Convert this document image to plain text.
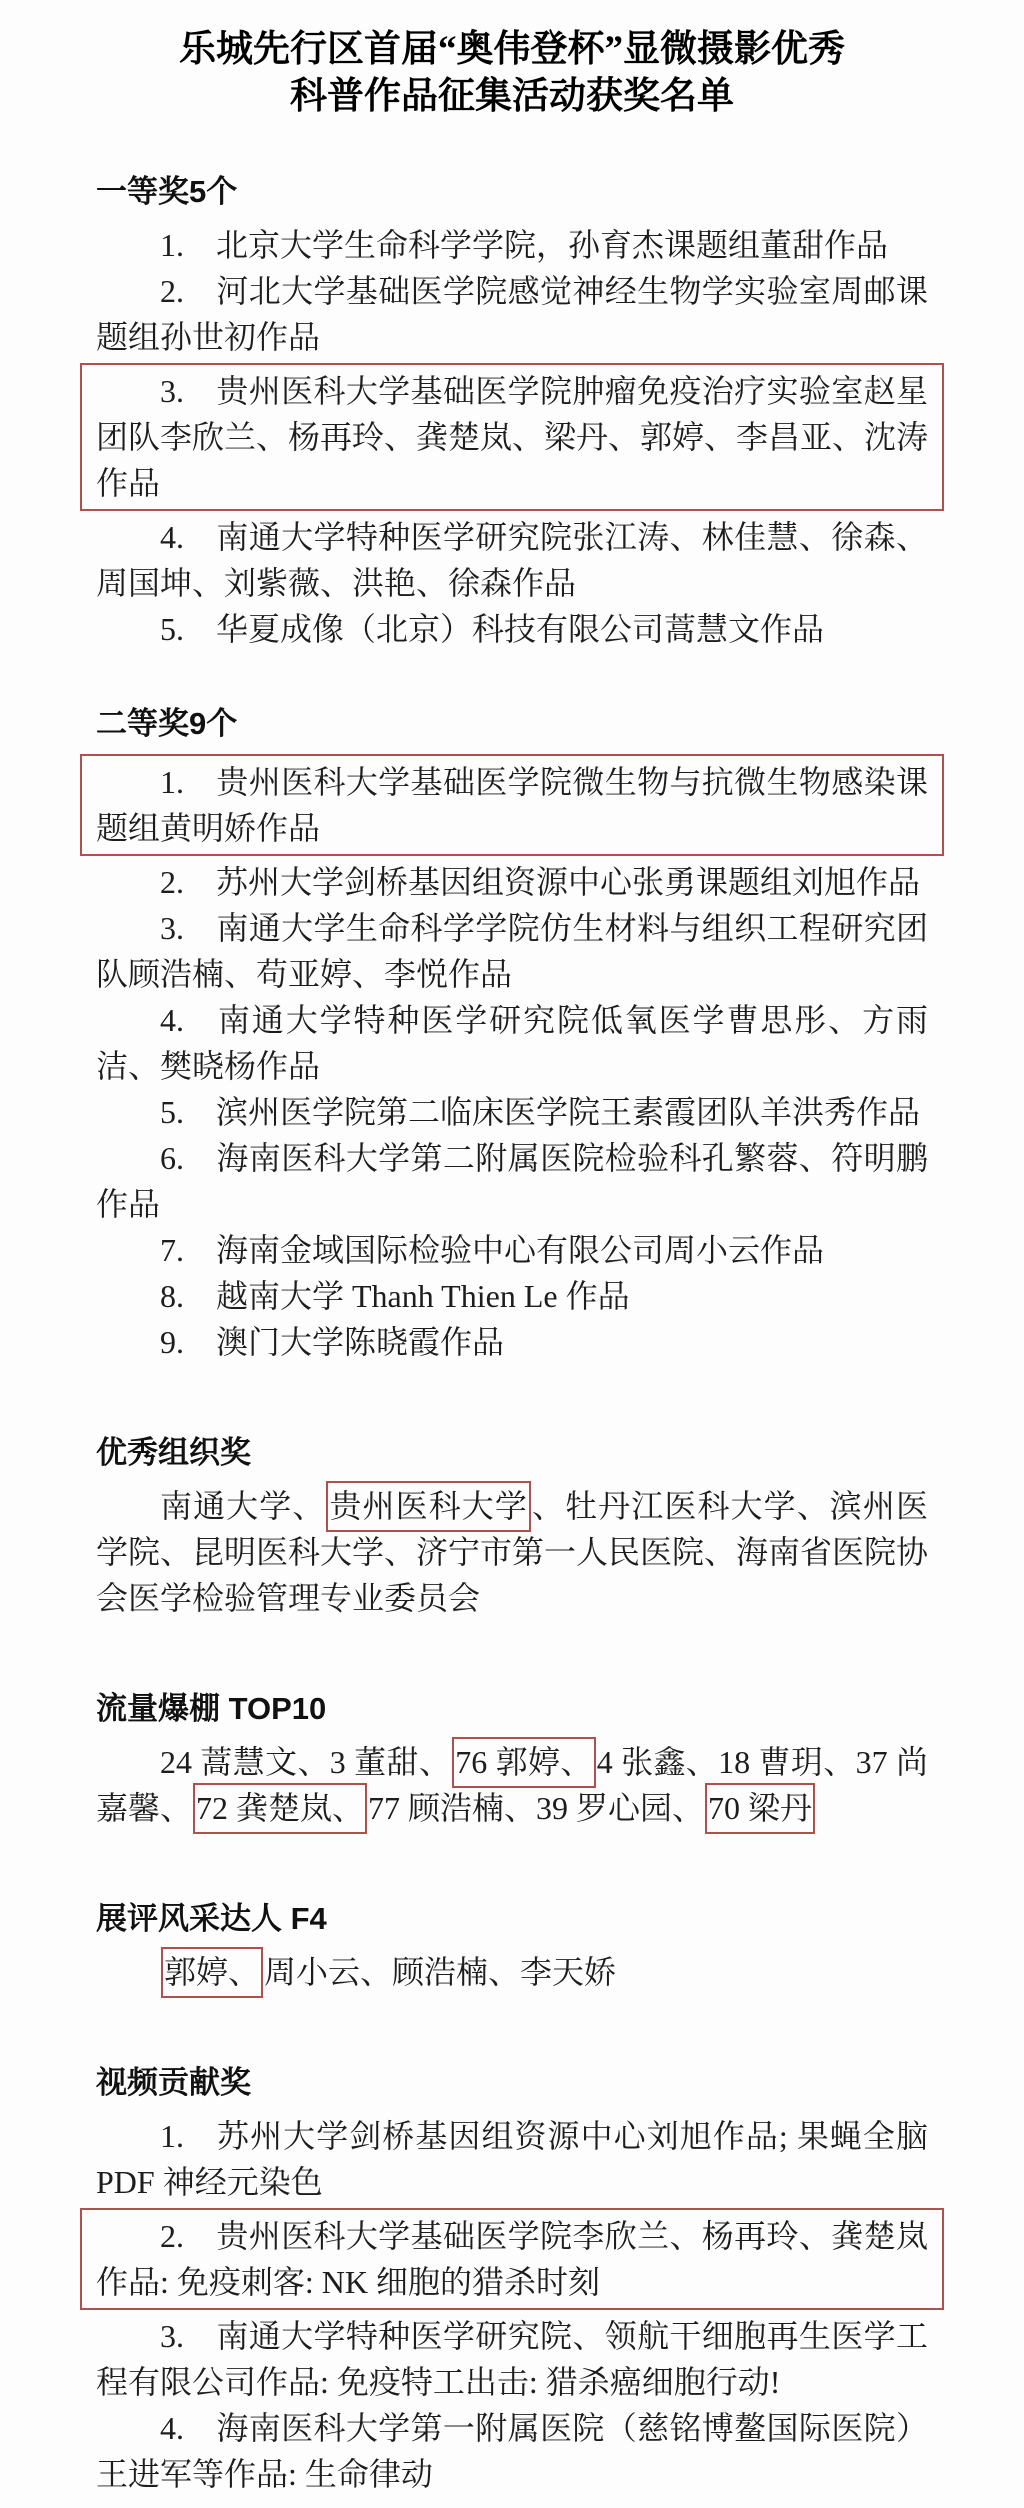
乐城先行区首届“奥伟登杯”显微摄影优秀
科普作品征集活动获奖名单
一等奖5个

1. 北京大学生命科学学院，孙育杰课题组董甜作品

2. 河北大学基础医学院感觉神经生物学实验室周邮课题组孙世初作品

3. 贵州医科大学基础医学院肿瘤免疫治疗实验室赵星团队李欣兰、杨再玲、龚楚岚、梁丹、郭婷、李昌亚、沈涛作品

4. 南通大学特种医学研究院张江涛、林佳慧、徐森、周国坤、刘紫薇、洪艳、徐森作品

5. 华夏成像（北京）科技有限公司蒿慧文作品

二等奖9个

1. 贵州医科大学基础医学院微生物与抗微生物感染课题组黄明娇作品

2. 苏州大学剑桥基因组资源中心张勇课题组刘旭作品

3. 南通大学生命科学学院仿生材料与组织工程研究团队顾浩楠、苟亚婷、李悦作品

4. 南通大学特种医学研究院低氧医学曹思彤、方雨洁、樊晓杨作品

5. 滨州医学院第二临床医学院王素霞团队羊洪秀作品

6. 海南医科大学第二附属医院检验科孔繁蓉、符明鹏作品

7. 海南金域国际检验中心有限公司周小云作品

8. 越南大学 Thanh Thien Le 作品

9. 澳门大学陈晓霞作品

优秀组织奖

南通大学、 贵州医科大学 、牡丹江医科大学、滨州医学院、昆明医科大学、济宁市第一人民医院、海南省医院协会医学检验管理专业委员会

流量爆棚 TOP10

24 蒿慧文、3 董甜、 76 郭婷、 4 张鑫、18 曹玥、37 尚嘉馨、 72 龚楚岚、 77 顾浩楠、39 罗心园、 70 梁丹

展评风采达人 F4

郭婷、 周小云、顾浩楠、李天娇

视频贡献奖

1. 苏州大学剑桥基因组资源中心刘旭作品; 果蝇全脑 PDF 神经元染色

2. 贵州医科大学基础医学院李欣兰、杨再玲、龚楚岚作品: 免疫刺客: NK 细胞的猎杀时刻

3. 南通大学特种医学研究院、领航干细胞再生医学工程有限公司作品: 免疫特工出击: 猎杀癌细胞行动!

4. 海南医科大学第一附属医院（慈铭博鳌国际医院）王进军等作品: 生命律动
